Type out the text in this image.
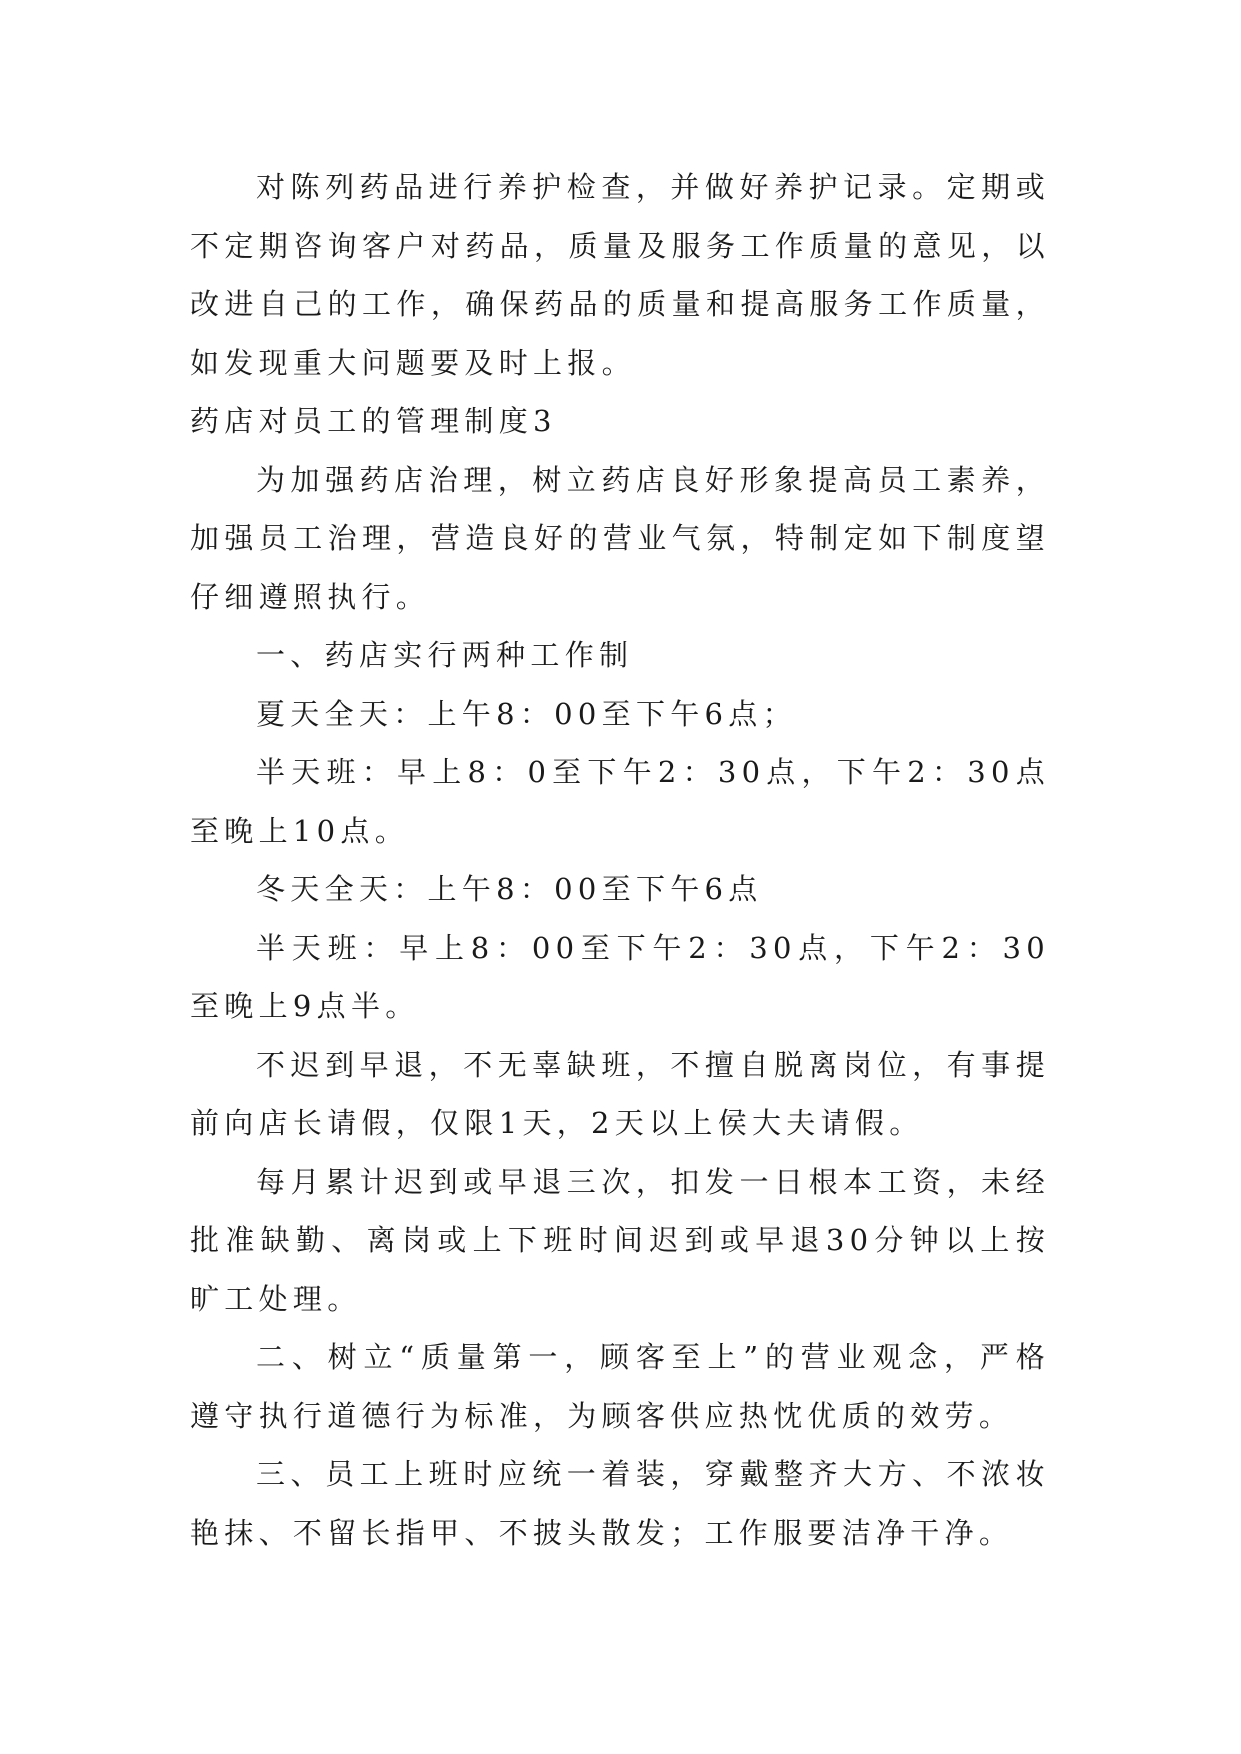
对陈列药品进行养护检查，并做好养护记录。定期或不定期咨询客户对药品，质量及服务工作质量的意见，以改进自己的工作，确保药品的质量和提高服务工作质量，如发现重大问题要及时上报。

药店对员工的管理制度3

为加强药店治理，树立药店良好形象提高员工素养，加强员工治理，营造良好的营业气氛，特制定如下制度望仔细遵照执行。

一、药店实行两种工作制

夏天全天：上午8：00至下午6点；

半天班：早上8：0至下午2：30点，下午2：30点至晚上10点。

冬天全天：上午8：00至下午6点

半天班：早上8：00至下午2：30点，下午2：30至晚上9点半。

不迟到早退，不无辜缺班，不擅自脱离岗位，有事提前向店长请假，仅限1天，2天以上侯大夫请假。

每月累计迟到或早退三次，扣发一日根本工资，未经批准缺勤、离岗或上下班时间迟到或早退30分钟以上按旷工处理。

二、树立“质量第一，顾客至上”的营业观念，严格遵守执行道德行为标准，为顾客供应热忱优质的效劳。

三、员工上班时应统一着装，穿戴整齐大方、不浓妆艳抹、不留长指甲、不披头散发；工作服要洁净干净。
